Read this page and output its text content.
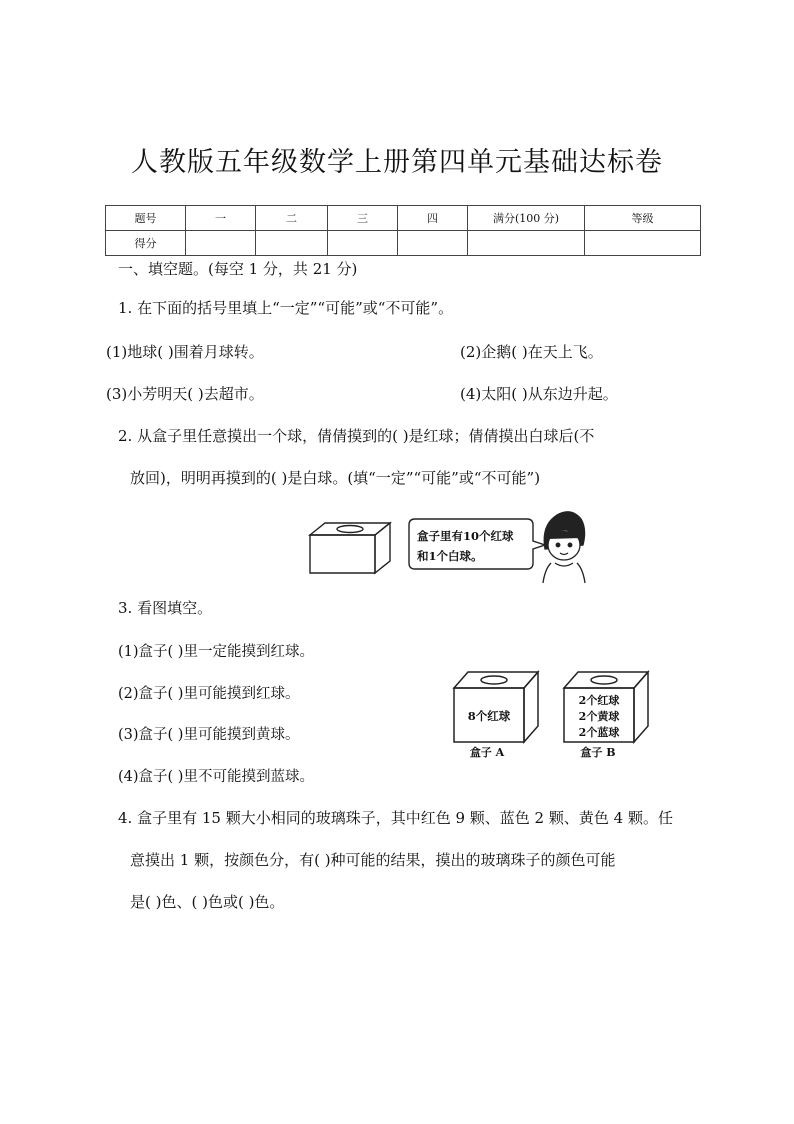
人教版五年级数学上册第四单元基础达标卷
题号	一	二	三	四	满分(100 分)	等级
得分						
一、填空题。(每空 1 分，共 21 分)
1. 在下面的括号里填上“一定”“可能”或“不可能”。
(1)地球( )围着月球转。	(2)企鹅( )在天上飞。
(3)小芳明天( )去超市。	(4)太阳( )从东边升起。
2. 从盒子里任意摸出一个球，倩倩摸到的( )是红球；倩倩摸出白球后(不
放回)，明明再摸到的( )是白球。(填“一定”“可能”或“不可能”)
盒子里有10个红球
和1个白球。
3. 看图填空。
(1)盒子( )里一定能摸到红球。
(2)盒子( )里可能摸到红球。
(3)盒子( )里可能摸到黄球。
(4)盒子( )里不可能摸到蓝球。
8个红球
2个红球
2个黄球
2个蓝球
盒子 A	盒子 B
4. 盒子里有 15 颗大小相同的玻璃珠子，其中红色 9 颗、蓝色 2 颗、黄色 4 颗。任
意摸出 1 颗，按颜色分，有( )种可能的结果，摸出的玻璃珠子的颜色可能
是( )色、( )色或( )色。
